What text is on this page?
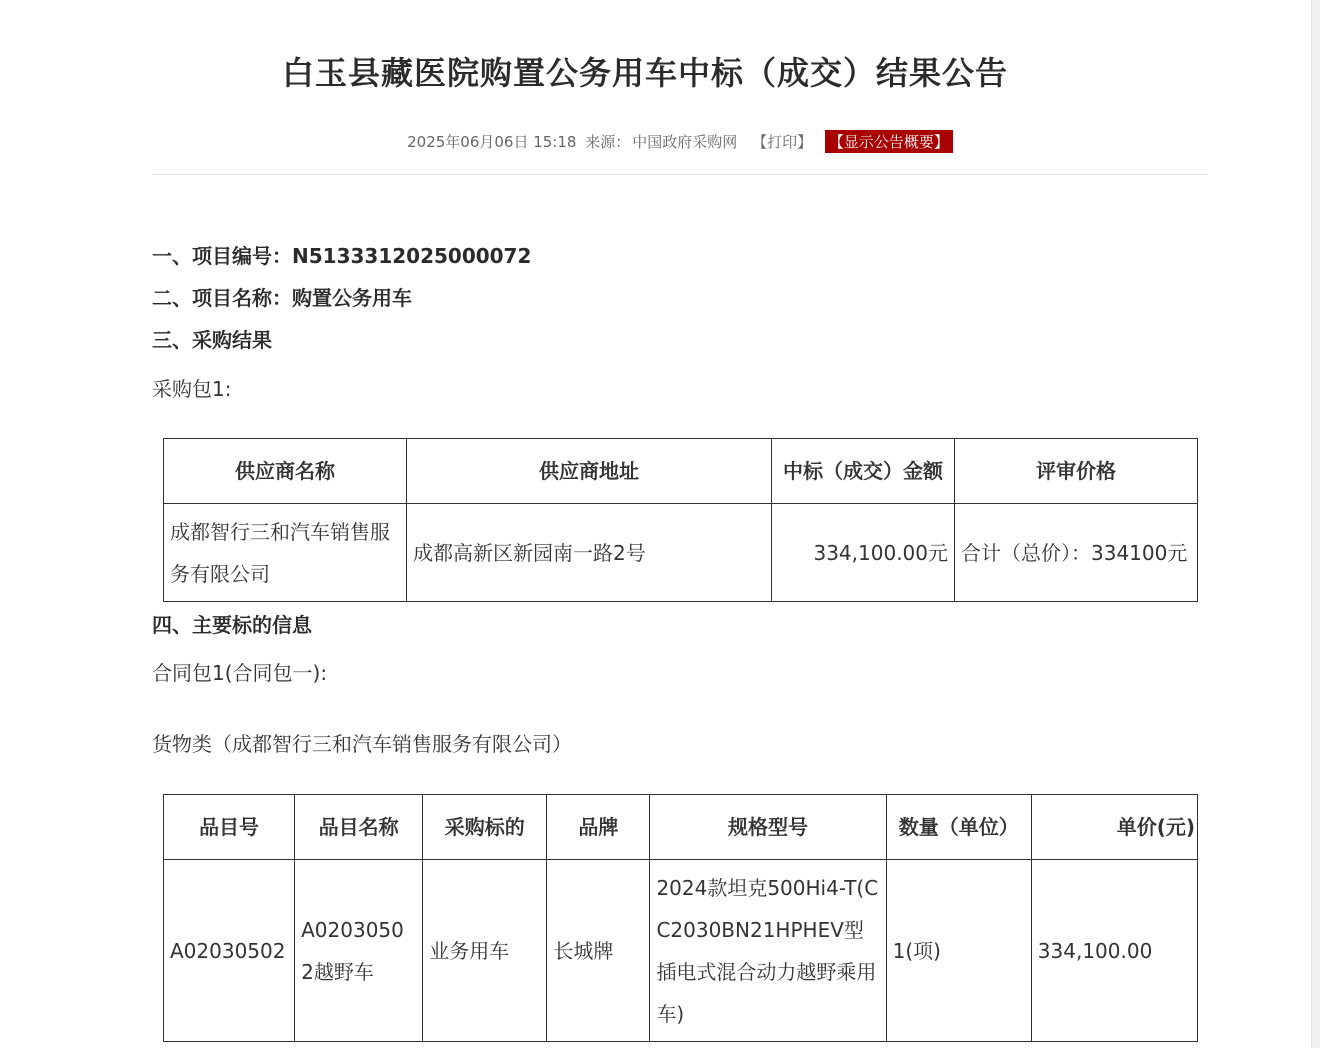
白玉县藏医院购置公务用车中标（成交）结果公告
2025年06月06日 15:18 来源： 中国政府采购网 【打印】 【显示公告概要】
一、项目编号：N5133312025000072
二、项目名称：购置公务用车
三、采购结果
采购包1:
供应商名称	供应商地址	中标（成交）金额	评审价格
成都智行三和汽车销售服务有限公司	成都高新区新园南一路2号	334,100.00元	合计（总价）：334100元
四、主要标的信息
合同包1(合同包一):
货物类（成都智行三和汽车销售服务有限公司）
品目号	品目名称	采购标的	品牌	规格型号	数量（单位）	单价(元)
A02030502	A02030502越野车	业务用车	长城牌	2024款坦克500Hi4-T(CC2030BN21HPHEV型插电式混合动力越野乘用车)	1(项)	334,100.00
